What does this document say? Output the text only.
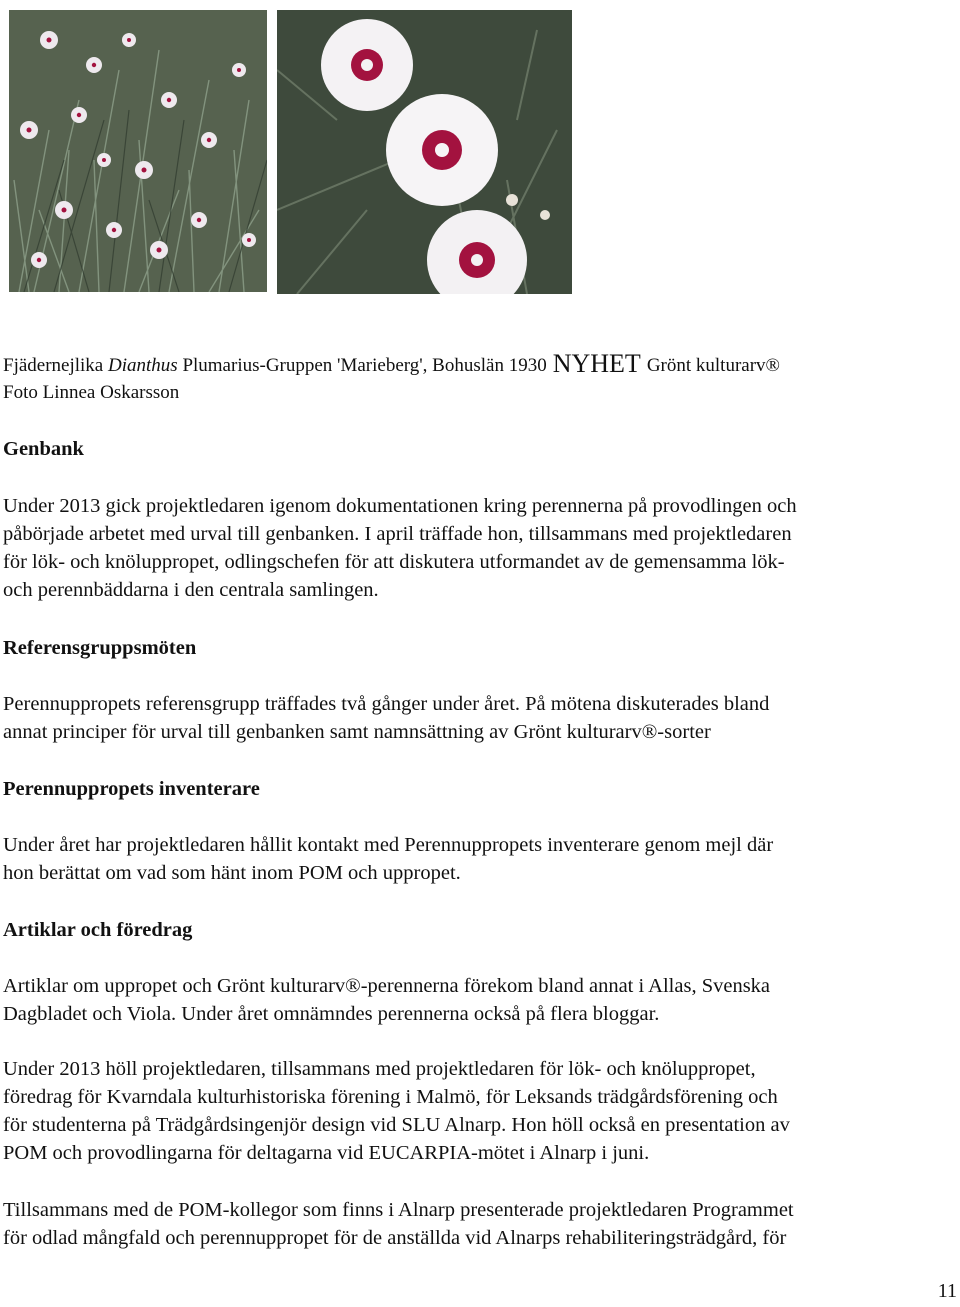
Fjädernejlika Dianthus Plumarius-Gruppen 'Marieberg', Bohuslän 1930 NYHET Grönt kulturarv®
Foto Linnea Oskarsson
Genbank
Under 2013 gick projektledaren igenom dokumentationen kring perennerna på provodlingen och
påbörjade arbetet med urval till genbanken. I april träffade hon, tillsammans med projektledaren
för lök- och knöluppropet, odlingschefen för att diskutera utformandet av de gemensamma lök-
och perennbäddarna i den centrala samlingen.
Referensgruppsmöten
Perennuppropets referensgrupp träffades två gånger under året. På mötena diskuterades bland
annat principer för urval till genbanken samt namnsättning av Grönt kulturarv®-sorter
Perennuppropets inventerare
Under året har projektledaren hållit kontakt med Perennuppropets inventerare genom mejl där
hon berättat om vad som hänt inom POM och uppropet.
Artiklar och föredrag
Artiklar om uppropet och Grönt kulturarv®-perennerna förekom bland annat i Allas, Svenska
Dagbladet och Viola. Under året omnämndes perennerna också på flera bloggar.
Under 2013 höll projektledaren, tillsammans med projektledaren för lök- och knöluppropet,
föredrag för Kvarndala kulturhistoriska förening i Malmö, för Leksands trädgårdsförening och
för studenterna på Trädgårdsingenjör design vid SLU Alnarp. Hon höll också en presentation av
POM och provodlingarna för deltagarna vid EUCARPIA-mötet i Alnarp i juni.
Tillsammans med de POM-kollegor som finns i Alnarp presenterade projektledaren Programmet
för odlad mångfald och perennuppropet för de anställda vid Alnarps rehabiliteringsträdgård, för
11
